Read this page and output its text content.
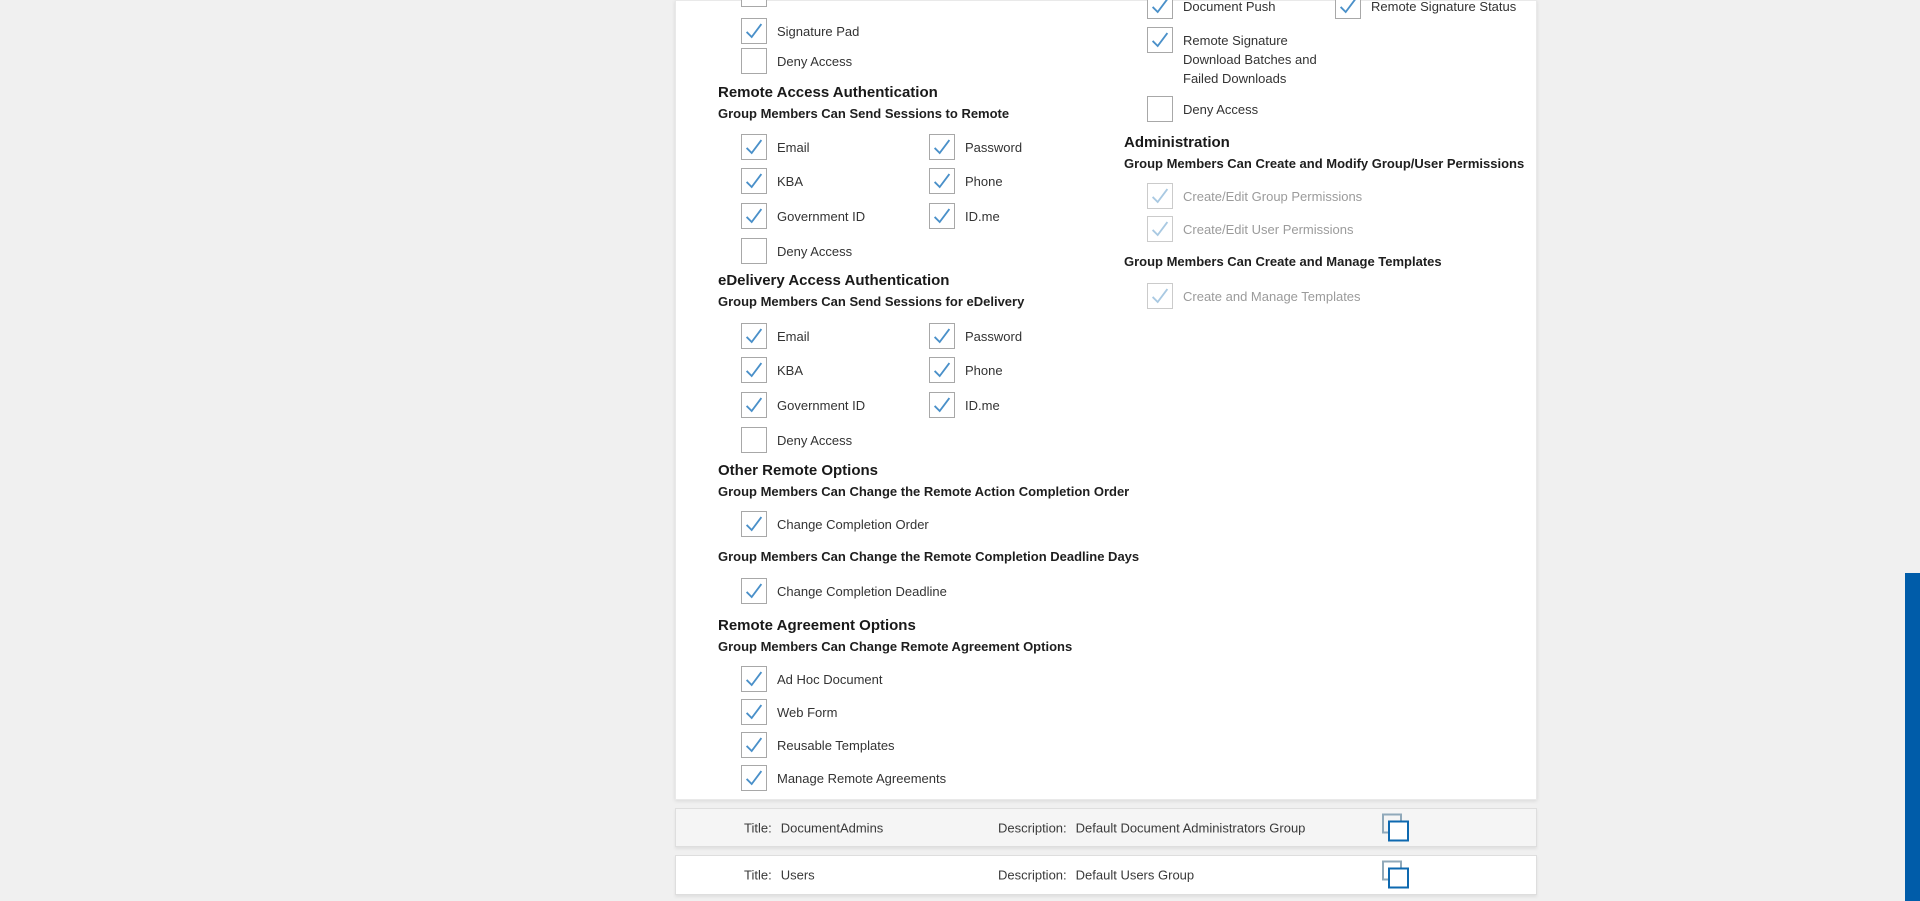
Signature Pad
Deny Access
Remote Access Authentication
Group Members Can Send Sessions to Remote
Email	Password
KBA	Phone
Government ID	ID.me
Deny Access
eDelivery Access Authentication
Group Members Can Send Sessions for eDelivery
Email	Password
KBA	Phone
Government ID	ID.me
Deny Access
Other Remote Options
Group Members Can Change the Remote Action Completion Order
Change Completion Order
Group Members Can Change the Remote Completion Deadline Days
Change Completion Deadline
Remote Agreement Options
Group Members Can Change Remote Agreement Options
Ad Hoc Document
Web Form
Reusable Templates
Manage Remote Agreements
Document Push	Remote Signature Status
Remote Signature
Download Batches and
Failed Downloads
Deny Access
Administration
Group Members Can Create and Modify Group/User Permissions
Create/Edit Group Permissions
Create/Edit User Permissions
Group Members Can Create and Manage Templates
Create and Manage Templates
Title: DocumentAdmins	Description: Default Document Administrators Group
Title: Users	Description: Default Users Group
